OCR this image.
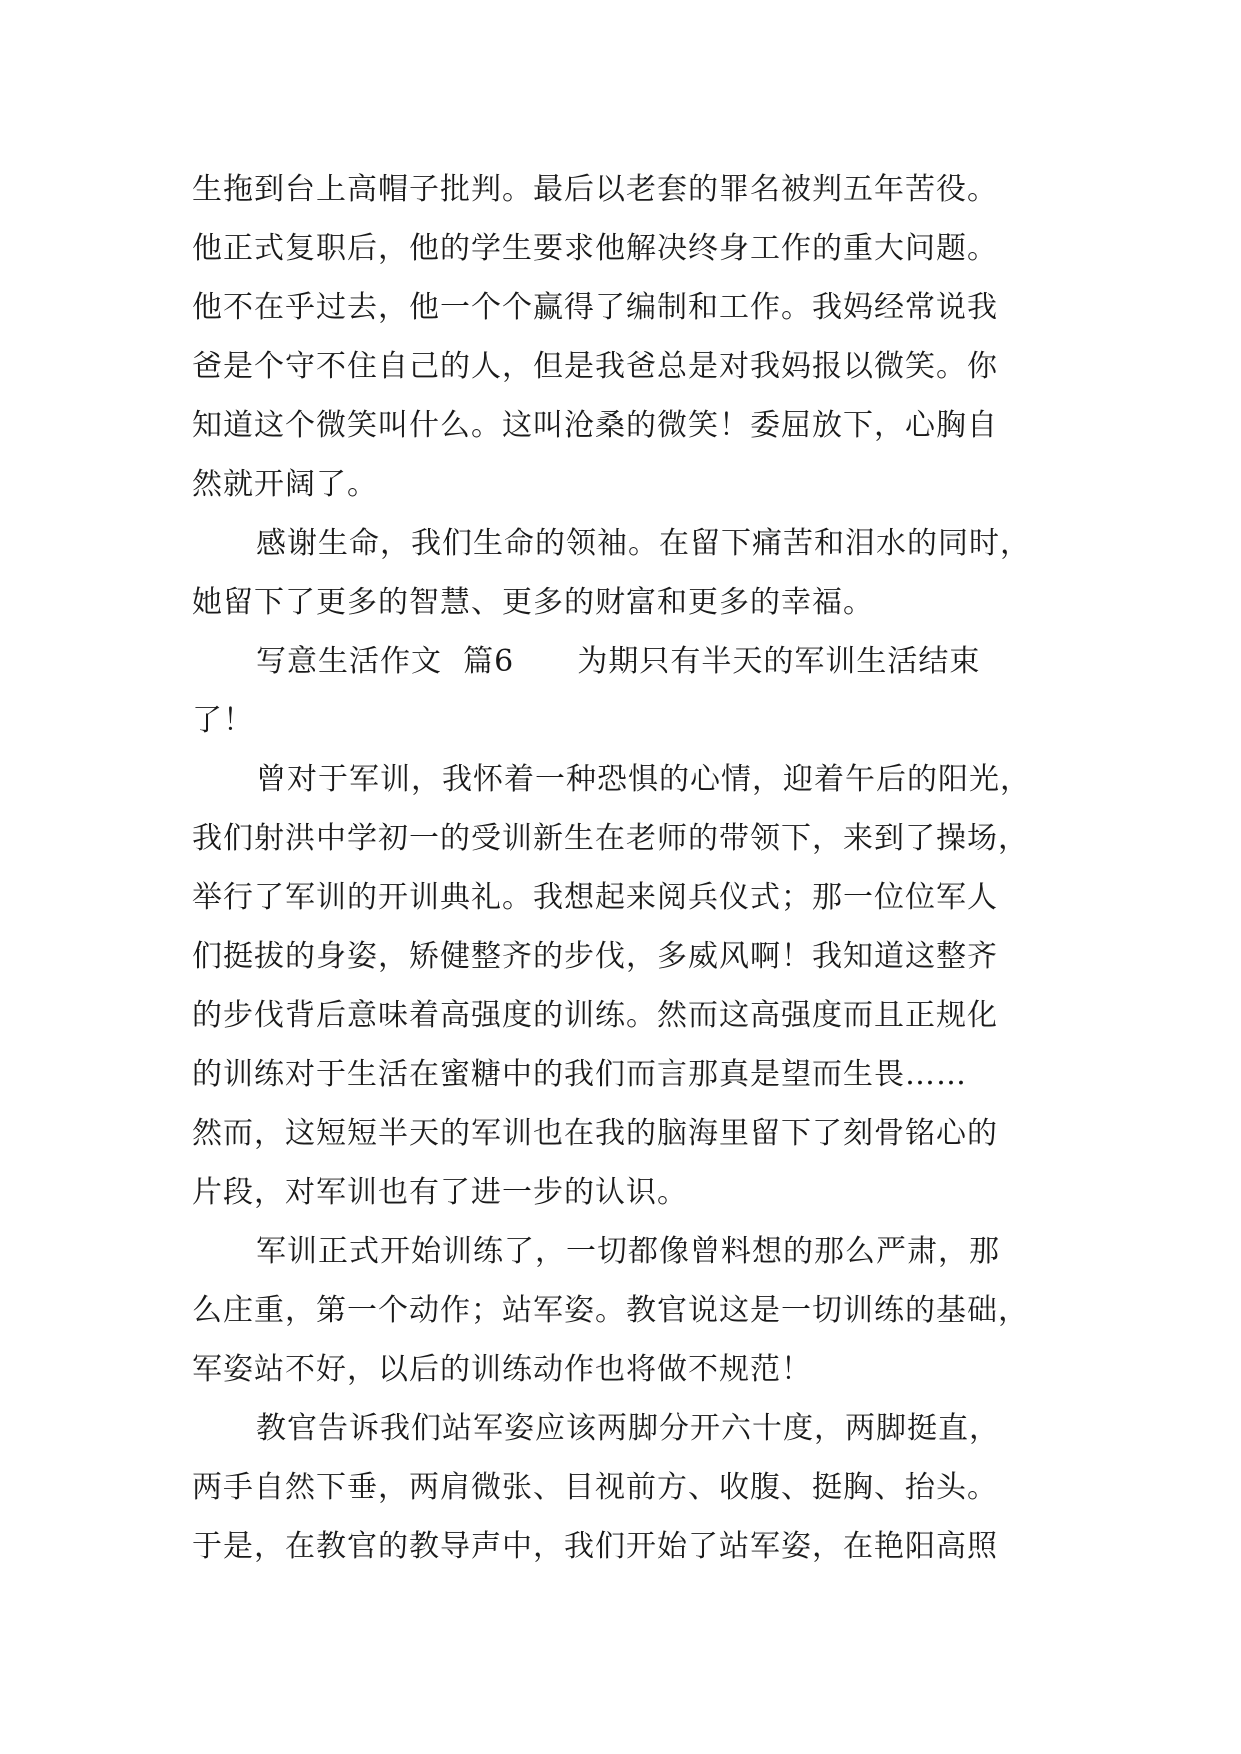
生拖到台上高帽子批判。最后以老套的罪名被判五年苦役。
他正式复职后，他的学生要求他解决终身工作的重大问题。
他不在乎过去，他一个个赢得了编制和工作。我妈经常说我
爸是个守不住自己的人，但是我爸总是对我妈报以微笑。你
知道这个微笑叫什么。这叫沧桑的微笑！委屈放下，心胸自
然就开阔了。
感谢生命，我们生命的领袖。在留下痛苦和泪水的同时，
她留下了更多的智慧、更多的财富和更多的幸福。
写意生活作文  篇6      为期只有半天的军训生活结束
了！
曾对于军训，我怀着一种恐惧的心情，迎着午后的阳光，
我们射洪中学初一的受训新生在老师的带领下，来到了操场，
举行了军训的开训典礼。我想起来阅兵仪式；那一位位军人
们挺拔的身姿，矫健整齐的步伐，多威风啊！我知道这整齐
的步伐背后意味着高强度的训练。然而这高强度而且正规化
的训练对于生活在蜜糖中的我们而言那真是望而生畏……
然而，这短短半天的军训也在我的脑海里留下了刻骨铭心的
片段，对军训也有了进一步的认识。
军训正式开始训练了，一切都像曾料想的那么严肃，那
么庄重，第一个动作；站军姿。教官说这是一切训练的基础，
军姿站不好，以后的训练动作也将做不规范！
教官告诉我们站军姿应该两脚分开六十度，两脚挺直，
两手自然下垂，两肩微张、目视前方、收腹、挺胸、抬头。
于是，在教官的教导声中，我们开始了站军姿，在艳阳高照
